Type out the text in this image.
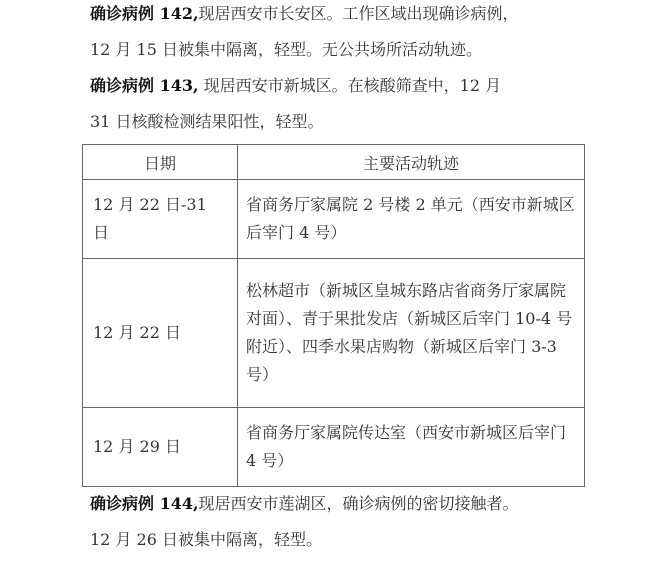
确诊病例 142,现居西安市长安区。工作区域出现确诊病例，
12 月 15 日被集中隔离，轻型。无公共场所活动轨迹。
确诊病例 143, 现居西安市新城区。在核酸筛查中，12 月
31 日核酸检测结果阳性，轻型。
日期	主要活动轨迹
12 月 22 日-31 日	省商务厅家属院 2 号楼 2 单元（西安市新城区后宰门 4 号）
12 月 22 日	松林超市（新城区皇城东路店省商务厅家属院对面）、青于果批发店（新城区后宰门 10-4 号附近）、四季水果店购物（新城区后宰门 3-3 号）
12 月 29 日	省商务厅家属院传达室（西安市新城区后宰门 4 号）
确诊病例 144,现居西安市莲湖区，确诊病例的密切接触者。
12 月 26 日被集中隔离，轻型。
